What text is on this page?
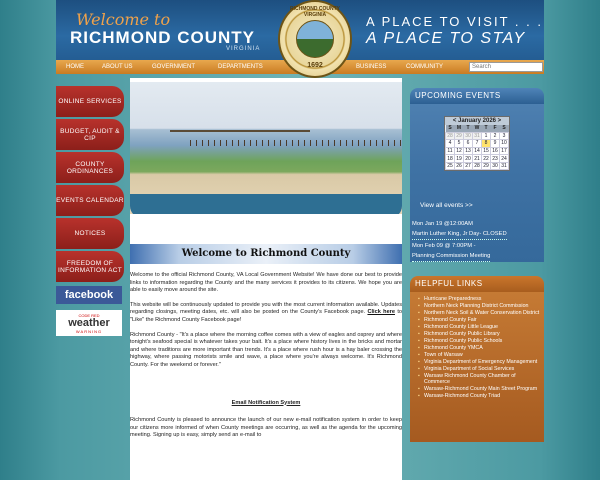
Welcome to
RICHMOND COUNTY
VIRGINIA
A PLACE TO VISIT . . .
A PLACE TO STAY
RICHMOND COUNTY VIRGINIA
1692
HOME	ABOUT US	GOVERNMENT	DEPARTMENTS	BUSINESS	COMMUNITY	Search
ONLINE SERVICES
BUDGET, AUDIT & CIP
COUNTY ORDINANCES
EVENTS CALENDAR
NOTICES
FREEDOM OF INFORMATION ACT
facebook
CODE RED
weather
WARNING
Welcome to Richmond County

Welcome to the official Richmond County, VA Local Government Website! We have done our best to provide links to information regarding the County and the many services it provides to its citizens. We hope you are able to easily move around the site.

This website will be continuously updated to provide you with the most current information available. Updates regarding closings, meeting dates, etc. will also be posted on the County's Facebook page. Click here to "Like" the Richmond County Facebook page!

Richmond County - "It's a place where the morning coffee comes with a view of eagles and osprey and where tonight's seafood special is whatever takes your bait. It's a place where history lives in the bricks and mortar and where traditions are more important than trends. It's a place where rush hour is a hay baler crossing the highway, where passing motorists smile and wave, a place where you're always welcome. It's Richmond County. For the weekend or forever."

Email Notification System

Richmond County is pleased to announce the launch of our new e-mail notification system in order to keep our citizens more informed of when County meetings are occurring, as well as the agenda for the upcoming meeting. Signing up is easy, simply send an e-mail to

UPCOMING EVENTS
< January 2026 >
S	M	T	W	T	F	S
28	29	30	31	1	2	3
4	5	6	7	8	9	10
11	12	13	14	15	16	17
18	19	20	21	22	23	24
25	26	27	28	29	30	31
View all events >>
Mon Jan 19 @12:00AM
Martin Luther King, Jr Day- CLOSED
Mon Feb 09 @ 7:00PM -
Planning Commission Meeting
HELPFUL LINKS
▪ Hurricane Preparedness
▪ Northern Neck Planning District Commission
▪ Northern Neck Soil & Water Conservation District
▪ Richmond County Fair
▪ Richmond County Little League
▪ Richmond County Public Library
▪ Richmond County Public Schools
▪ Richmond County YMCA
▪ Town of Warsaw
▪ Virginia Department of Emergency Management
▪ Virginia Department of Social Services
▪ Warsaw Richmond County Chamber of Commerce
▪ Warsaw-Richmond County Main Street Program
▪ Warsaw-Richmond County Triad
